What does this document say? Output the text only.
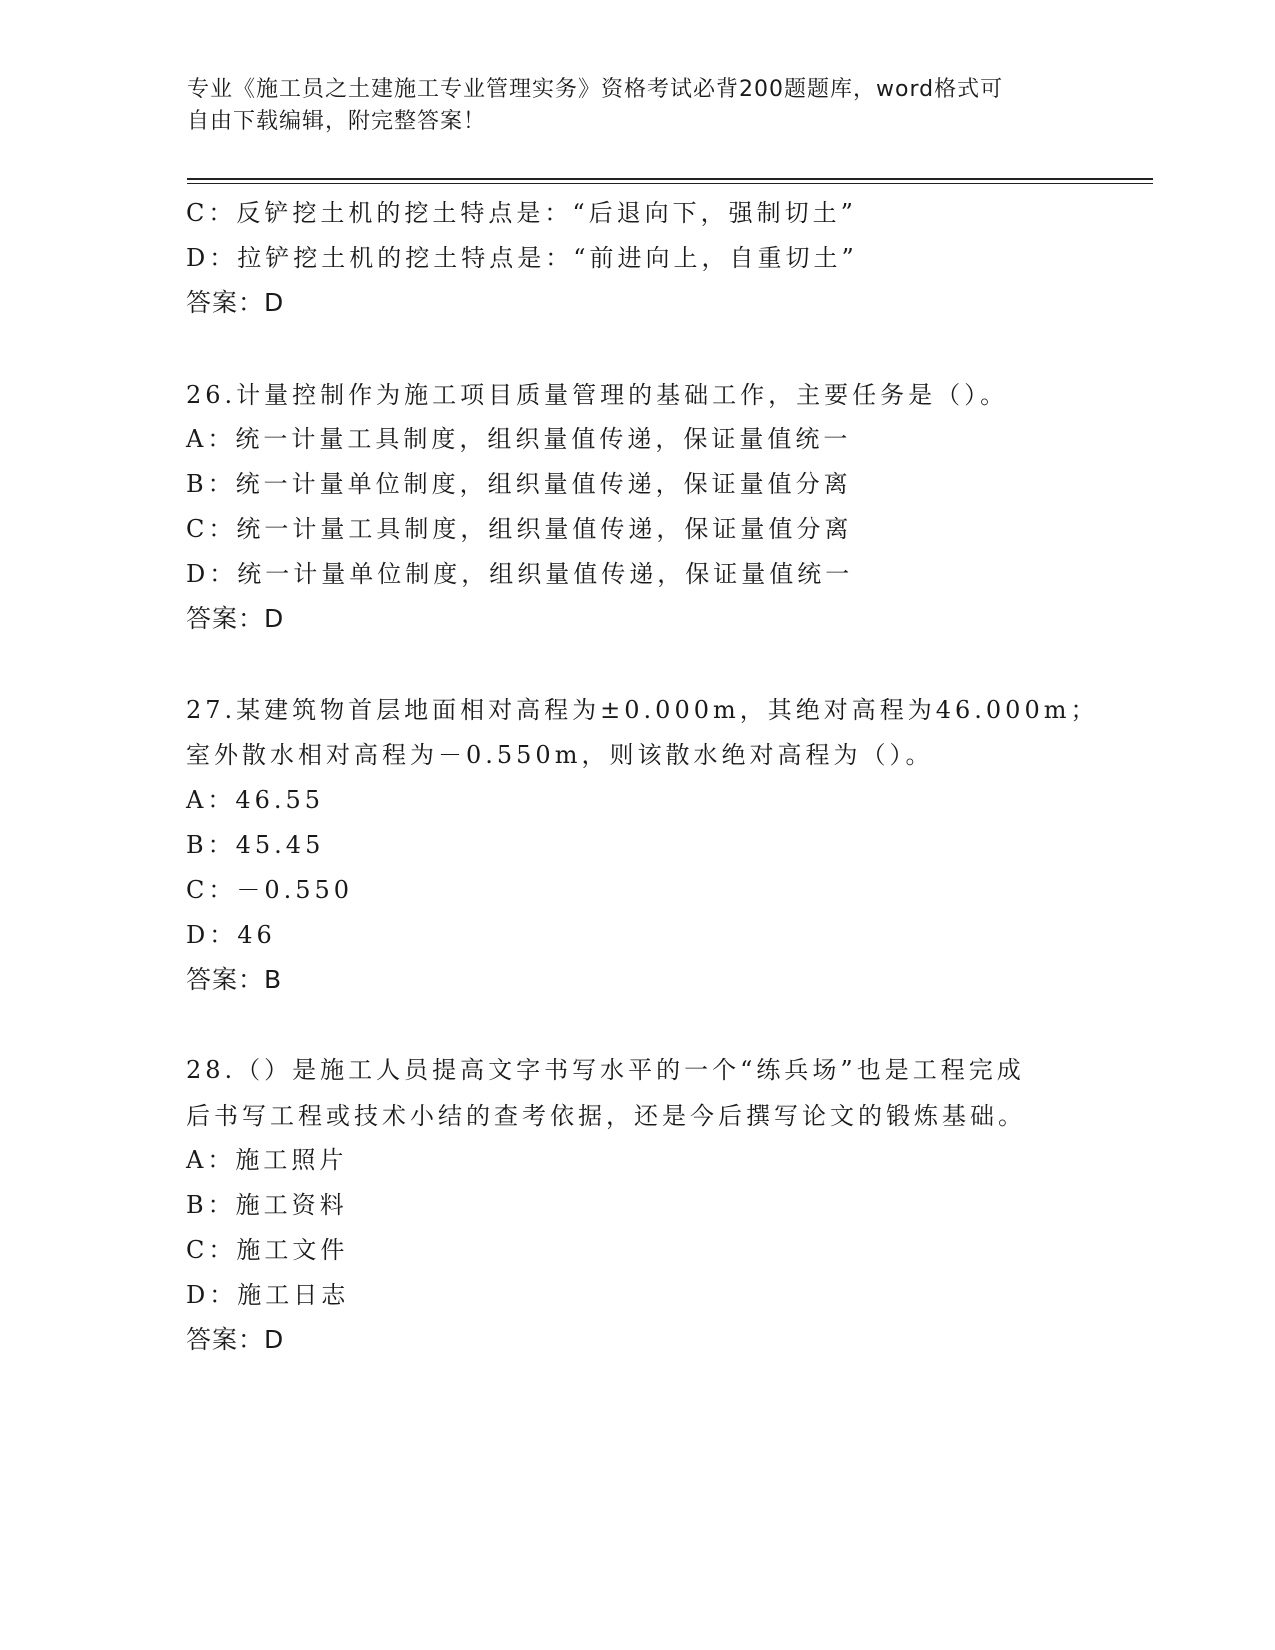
专业《施工员之土建施工专业管理实务》资格考试必背200题题库，word格式可
自由下载编辑，附完整答案！
C：反铲挖土机的挖土特点是：“后退向下，强制切土”
D：拉铲挖土机的挖土特点是：“前进向上，自重切土”
答案：D
26.计量控制作为施工项目质量管理的基础工作，主要任务是（）。
A：统一计量工具制度，组织量值传递，保证量值统一
B：统一计量单位制度，组织量值传递，保证量值分离
C：统一计量工具制度，组织量值传递，保证量值分离
D：统一计量单位制度，组织量值传递，保证量值统一
答案：D
27.某建筑物首层地面相对高程为±0.000m，其绝对高程为46.000m；
室外散水相对高程为－0.550m，则该散水绝对高程为（）。
A：46.55
B：45.45
C：－0.550
D：46
答案：B
28.（）是施工人员提高文字书写水平的一个“练兵场”也是工程完成
后书写工程或技术小结的查考依据，还是今后撰写论文的锻炼基础。
A：施工照片
B：施工资料
C：施工文件
D：施工日志
答案：D
